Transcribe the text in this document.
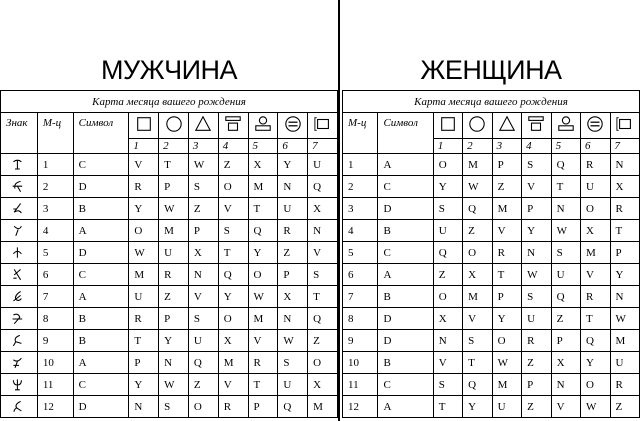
МУЖЧИНА
Карта месяца вашего рождения									
Знак	М-ц	Символ	

			1	2	3	4	5	6	7

	1	C	V	T	W	Z	X	Y	U

	2	D	R	P	S	O	M	N	Q

	3	B	Y	W	Z	V	T	U	X

	4	A	O	M	P	S	Q	R	N

	5	D	W	U	X	T	Y	Z	V

	6	C	M	R	N	Q	O	P	S

	7	A	U	Z	V	Y	W	X	T

	8	B	R	P	S	O	M	N	Q

	9	B	T	Y	U	X	V	W	Z

	10	A	P	N	Q	M	R	S	O

	11	C	Y	W	Z	V	T	U	X

	12	D	N	S	O	R	P	Q	M
ЖЕНЩИНА
Карта месяца вашего рождения								
М-ц	Символ	

		1	2	3	4	5	6	7
1	A	O	M	P	S	Q	R	N
2	C	Y	W	Z	V	T	U	X
3	D	S	Q	M	P	N	O	R
4	B	U	Z	V	Y	W	X	T
5	C	Q	O	R	N	S	M	P
6	A	Z	X	T	W	U	V	Y
7	B	O	M	P	S	Q	R	N
8	D	X	V	Y	U	Z	T	W
9	D	N	S	O	R	P	Q	M
10	B	V	T	W	Z	X	Y	U
11	C	S	Q	M	P	N	O	R
12	A	T	Y	U	Z	V	W	Z
